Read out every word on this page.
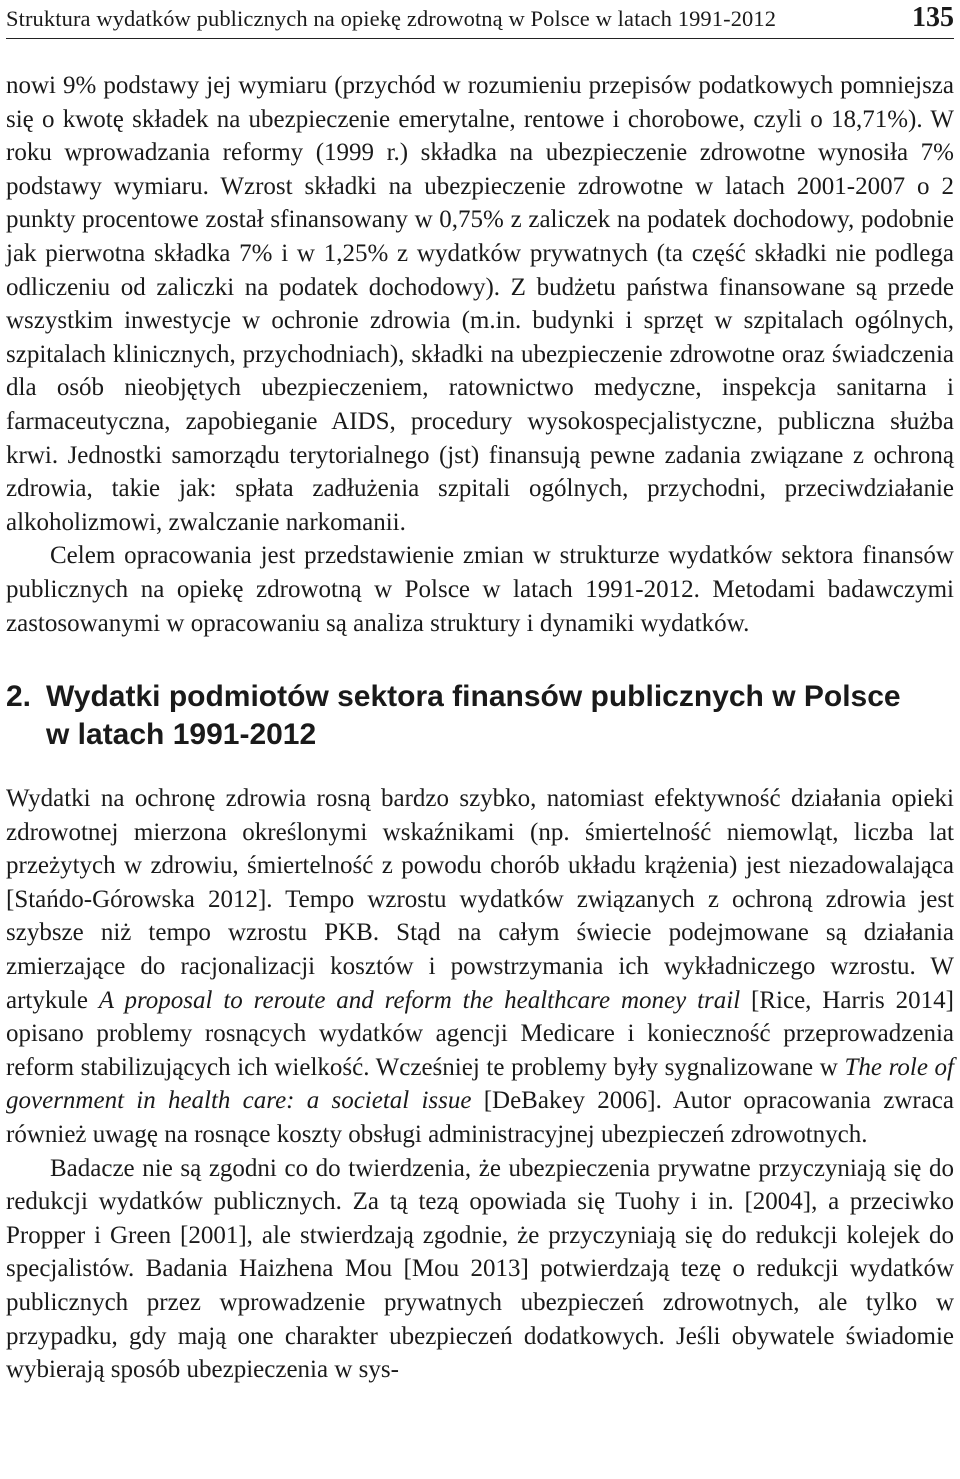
Struktura wydatków publicznych na opiekę zdrowotną w Polsce w latach 1991-2012	135

nowi 9% podstawy jej wymiaru (przychód w rozumieniu przepisów podatkowych pomniejsza się o kwotę składek na ubezpieczenie emerytalne, rentowe i chorobowe, czyli o 18,71%). W roku wprowadzania reformy (1999 r.) składka na ubezpieczenie zdrowotne wynosiła 7% podstawy wymiaru. Wzrost składki na ubezpieczenie zdrowotne w latach 2001-2007 o 2 punkty procentowe został sfinansowany w 0,75% z zaliczek na podatek dochodowy, podobnie jak pierwotna składka 7% i w 1,25% z wydatków prywatnych (ta część składki nie podlega odliczeniu od zaliczki na podatek dochodowy). Z budżetu państwa finansowane są przede wszystkim inwestycje w ochronie zdrowia (m.in. budynki i sprzęt w szpitalach ogólnych, szpitalach klinicznych, przychodniach), składki na ubezpieczenie zdrowotne oraz świadczenia dla osób nieobjętych ubezpieczeniem, ratownictwo medyczne, inspekcja sanitarna i farmaceutyczna, zapobieganie AIDS, procedury wysokospecjalistyczne, publiczna służba krwi. Jednostki samorządu terytorialnego (jst) finansują pewne zadania związane z ochroną zdrowia, takie jak: spłata zadłużenia szpitali ogólnych, przychodni, przeciwdziałanie alkoholizmowi, zwalczanie narkomanii.

Celem opracowania jest przedstawienie zmian w strukturze wydatków sektora finansów publicznych na opiekę zdrowotną w Polsce w latach 1991-2012. Metodami badawczymi zastosowanymi w opracowaniu są analiza struktury i dynamiki wydatków.

2. Wydatki podmiotów sektora finansów publicznych w Polsce
w latach 1991-2012

Wydatki na ochronę zdrowia rosną bardzo szybko, natomiast efektywność działania opieki zdrowotnej mierzona określonymi wskaźnikami (np. śmiertelność niemowląt, liczba lat przeżytych w zdrowiu, śmiertelność z powodu chorób układu krążenia) jest niezadowalająca [Stańdo-Górowska 2012]. Tempo wzrostu wydatków związanych z ochroną zdrowia jest szybsze niż tempo wzrostu PKB. Stąd na całym świecie podejmowane są działania zmierzające do racjonalizacji kosztów i powstrzymania ich wykładniczego wzrostu. W artykule A proposal to reroute and reform the healthcare money trail [Rice, Harris 2014] opisano problemy rosnących wydatków agencji Medicare i konieczność przeprowadzenia reform stabilizujących ich wielkość. Wcześniej te problemy były sygnalizowane w The role of government in health care: a societal issue [DeBakey 2006]. Autor opracowania zwraca również uwagę na rosnące koszty obsługi administracyjnej ubezpieczeń zdrowotnych.

Badacze nie są zgodni co do twierdzenia, że ubezpieczenia prywatne przyczyniają się do redukcji wydatków publicznych. Za tą tezą opowiada się Tuohy i in. [2004], a przeciwko Propper i Green [2001], ale stwierdzają zgodnie, że przyczyniają się do redukcji kolejek do specjalistów. Badania Haizhena Mou [Mou 2013] potwierdzają tezę o redukcji wydatków publicznych przez wprowadzenie prywatnych ubezpieczeń zdrowotnych, ale tylko w przypadku, gdy mają one charakter ubezpieczeń dodatkowych. Jeśli obywatele świadomie wybierają sposób ubezpieczenia w sys-
